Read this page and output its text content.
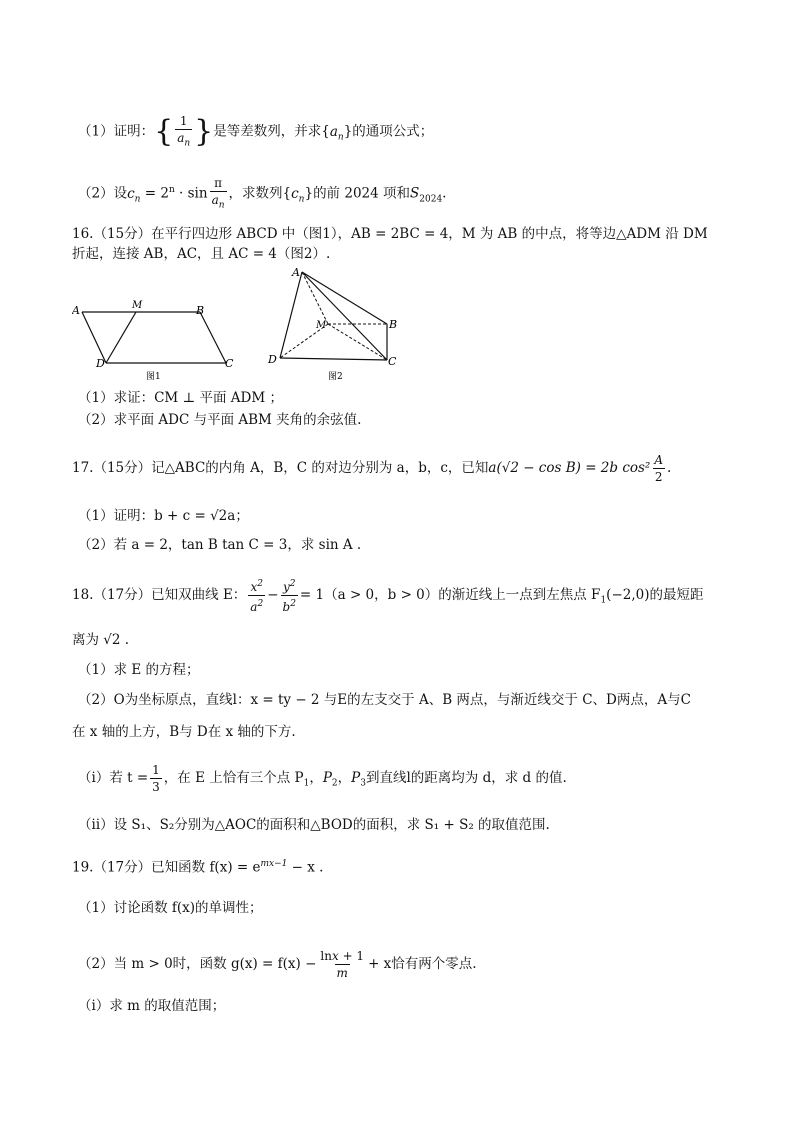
（1）证明：{ $\frac{1}{a_n}$ }是等差数列，并求$\{a_n\}$的通项公式；
（2）设$c_n = 2^n \cdot \sin \frac{\pi}{a_n}$ ，求数列$\{c_n\}$的前 2024 项和$S_{2024}$.
16.（15分）在平行四边形 ABCD 中（图1），AB = 2BC = 4，M 为 AB 的中点，将等边△ADM 沿 DM
折起，连接 AB，AC，且 AC = 4（图2）.
A	M	B
D	C
图1
A
M	B
D	C
图2
（1）求证：CM ⊥ 平面 ADM ；
（2）求平面 ADC 与平面 ABM 夹角的余弦值.
17.（15分）记△ABC的内角 A，B，C 的对边分别为 a，b，c，已知a(√2 − cos B) = 2b $\cos^2 \frac{A}{2}$ .
（1）证明：b + c = √2a；
（2）若 a = 2，tan B tan C = 3，求 sin A .
18.（17分）已知双曲线 E： $\frac{x^2}{a^2} - \frac{y^2}{b^2} = 1(a > 0$，b > 0）的渐近线上一点到左焦点 $F_1(-2,0)$的最短距
离为 √2 .
（1）求 E 的方程；
（2）O为坐标原点，直线l：x = ty − 2 与E的左支交于 A、B 两点，与渐近线交于 C、D两点，A与C
在 x 轴的上方，B与 D在 x 轴的下方.
（ⅰ）若 $t = \frac{1}{3}$ ，在 E 上恰有三个点 $P_1$，$P_2$，$P_3$到直线l的距离均为 d，求 d 的值.
（ⅱ）设 S₁、S₂分别为△AOC的面积和△BOD的面积，求 S₁ + S₂ 的取值范围.
19.（17分）已知函数 $f(x) = e^{mx-1} - x$ .
（1）讨论函数 f(x)的单调性；
（2）当 m > 0时，函数 $g(x) = f(x) - \frac{\ln x + 1}{m} + x$恰有两个零点.
（ⅰ）求 m 的取值范围；
